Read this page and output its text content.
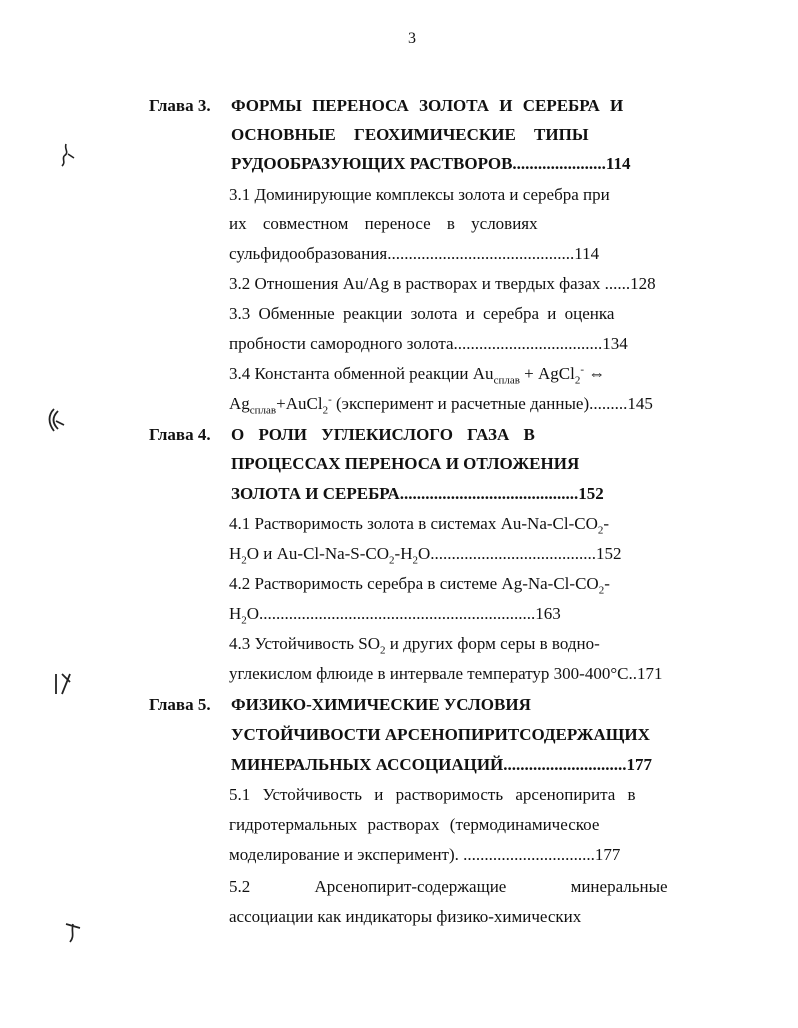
3
Глава 3. ФОРМЫ ПЕРЕНОСА ЗОЛОТА И СЕРЕБРА И
ОСНОВНЫЕ ГЕОХИМИЧЕСКИЕ ТИПЫ
РУДООБРАЗУЮЩИХ РАСТВОРОВ......................114
3.1 Доминирующие комплексы золота и серебра при
их совместном переносе в условиях
сульфидообразования............................................114
3.2 Отношения Au/Ag в растворах и твердых фазах ......128
3.3 Обменные реакции золота и серебра и оценка
пробности самородного золота...................................134
3.4 Константа обменной реакции $Au_{сплав}$ + AgCl$_2$- ⇔
$Ag_{сплав}+AuCl_2^-$ (эксперимент и расчетные данные).........145
Глава 4. О РОЛИ УГЛЕКИСЛОГО ГАЗА В
ПРОЦЕССАХ ПЕРЕНОСА И ОТЛОЖЕНИЯ
ЗОЛОТА И СЕРЕБРА..........................................152
4.1 Растворимость золота в системах $Au-Na-Cl-CO_2-$
$H_2O$ и $Au-Cl-Na-S-CO_2-H_2O.......................................152$
4.2 Растворимость серебра в системе $Ag-Na-Cl-CO_2-$
$H_2O.................................................................163$
4.3 Устойчивость $SO_2$ и других форм серы в водно-
углекислом флюиде в интервале температур 300-400°С..171
Глава 5. ФИЗИКО-ХИМИЧЕСКИЕ УСЛОВИЯ
УСТОЙЧИВОСТИ АРСЕНОПИРИТСОДЕРЖАЩИХ
МИНЕРАЛЬНЫХ АССОЦИАЦИЙ.............................177
5.1 Устойчивость и растворимость арсенопирита в
гидротермальных растворах (термодинамическое
моделирование и эксперимент). ...............................177
5.2 Арсенопирит-содержащие минеральные
ассоциации как индикаторы физико-химических
